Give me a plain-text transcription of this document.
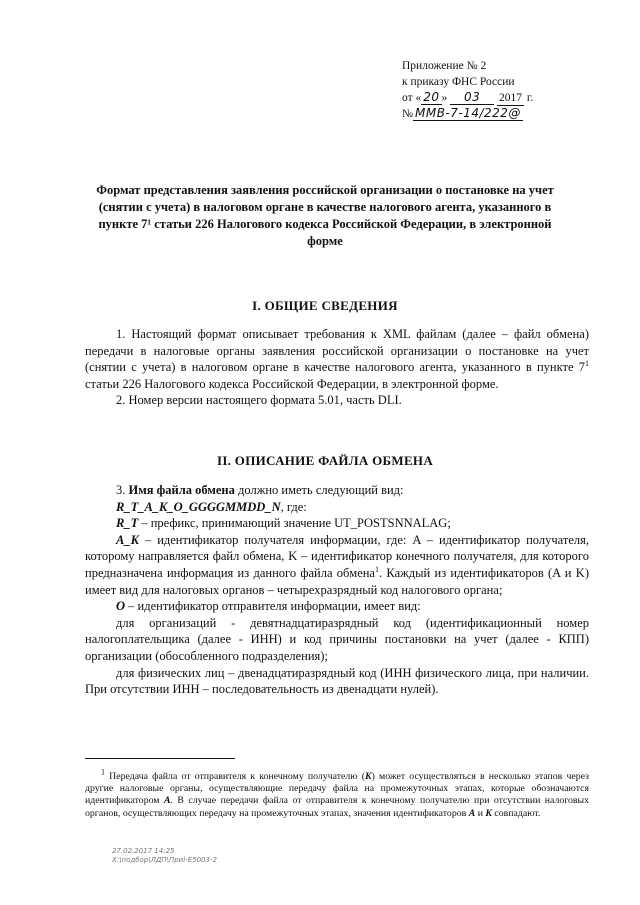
Приложение № 2
к приказу ФНС России
от « 20 » 03 2017 г.
№ ММВ-7-14/222@
Формат представления заявления российской организации о постановке на учет (снятии с учета) в налоговом органе в качестве налогового агента, указанного в пункте 7¹ статьи 226 Налогового кодекса Российской Федерации, в электронной форме
I. ОБЩИЕ СВЕДЕНИЯ

1. Настоящий формат описывает требования к XML файлам (далее – файл обмена) передачи в налоговые органы заявления российской организации о постановке на учет (снятии с учета) в налоговом органе в качестве налогового агента, указанного в пункте $7^1$ статьи 226 Налогового кодекса Российской Федерации, в электронной форме.

2. Номер версии настоящего формата 5.01, часть DLI.

II. ОПИСАНИЕ ФАЙЛА ОБМЕНА

3. Имя файла обмена должно иметь следующий вид:

R_T_A_K_O_GGGGMMDD_N, где:

R_T – префикс, принимающий значение UT_POSTSNNALAG;

A_K – идентификатор получателя информации, где: A – идентификатор получателя, которому направляется файл обмена, K – идентификатор конечного получателя, для которого предназначена информация из данного файла обмена$^1$. Каждый из идентификаторов (A и K) имеет вид для налоговых органов – четырехразрядный код налогового органа;

O – идентификатор отправителя информации, имеет вид:

для организаций - девятнадцатиразрядный код (идентификационный номер налогоплательщика (далее - ИНН) и код причины постановки на учет (далее - КПП) организации (обособленного подразделения);

для физических лиц – двенадцатиразрядный код (ИНН физического лица, при наличии. При отсутствии ИНН – последовательность из двенадцати нулей).

$^1$ Передача файла от отправителя к конечному получателю (K) может осуществляться в несколько этапов через другие налоговые органы, осуществляющие передачу файла на промежуточных этапах, которые обозначаются идентификатором A. В случае передачи файла от отправителя к конечному получателю при отсутствии налоговых органов, осуществляющих передачу на промежуточных этапах, значения идентификаторов A и K совпадают.

27.02.2017 14:25
Х:\подбор\ЛДП\Приl-E5003-2
